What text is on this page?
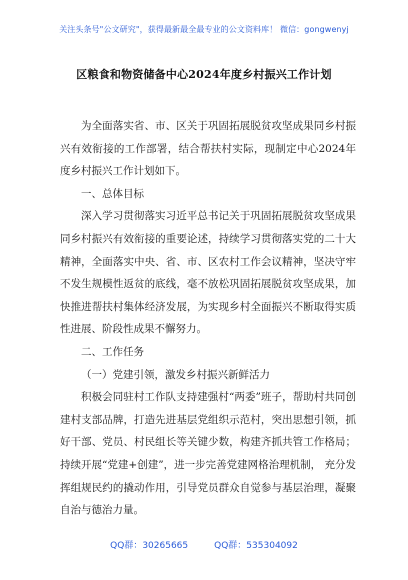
关注头条号"公文研究"，获得最新最全最专业的公文资料库！ 微信：gongwenyj
区粮食和物资储备中心2024年度乡村振兴工作计划

为全面落实省、市、区关于巩固拓展脱贫攻坚成果同乡村振兴有效衔接的工作部署，结合帮扶村实际，现制定中心2024年度乡村振兴工作计划如下。

一、总体目标

深入学习贯彻落实习近平总书记关于巩固拓展脱贫攻坚成果同乡村振兴有效衔接的重要论述，持续学习贯彻落实党的二十大精神，全面落实中央、省、市、区农村工作会议精神，坚决守牢不发生规模性返贫的底线，毫不放松巩固拓展脱贫攻坚成果，加快推进帮扶村集体经济发展，为实现乡村全面振兴不断取得实质性进展、阶段性成果不懈努力。

二、工作任务

（一）党建引领，激发乡村振兴新鲜活力

积极会同驻村工作队支持建强村“两委”班子，帮助村共同创建村支部品牌，打造先进基层党组织示范村，突出思想引领，抓好干部、党员、村民组长等关键少数，构建齐抓共管工作格局； 持续开展“党建+创建”，进一步完善党建网格治理机制， 充分发挥组规民约的撬动作用，引导党员群众自觉参与基层治理，凝聚自治与德治力量。

QQ群：30265665	QQ群：535304092
